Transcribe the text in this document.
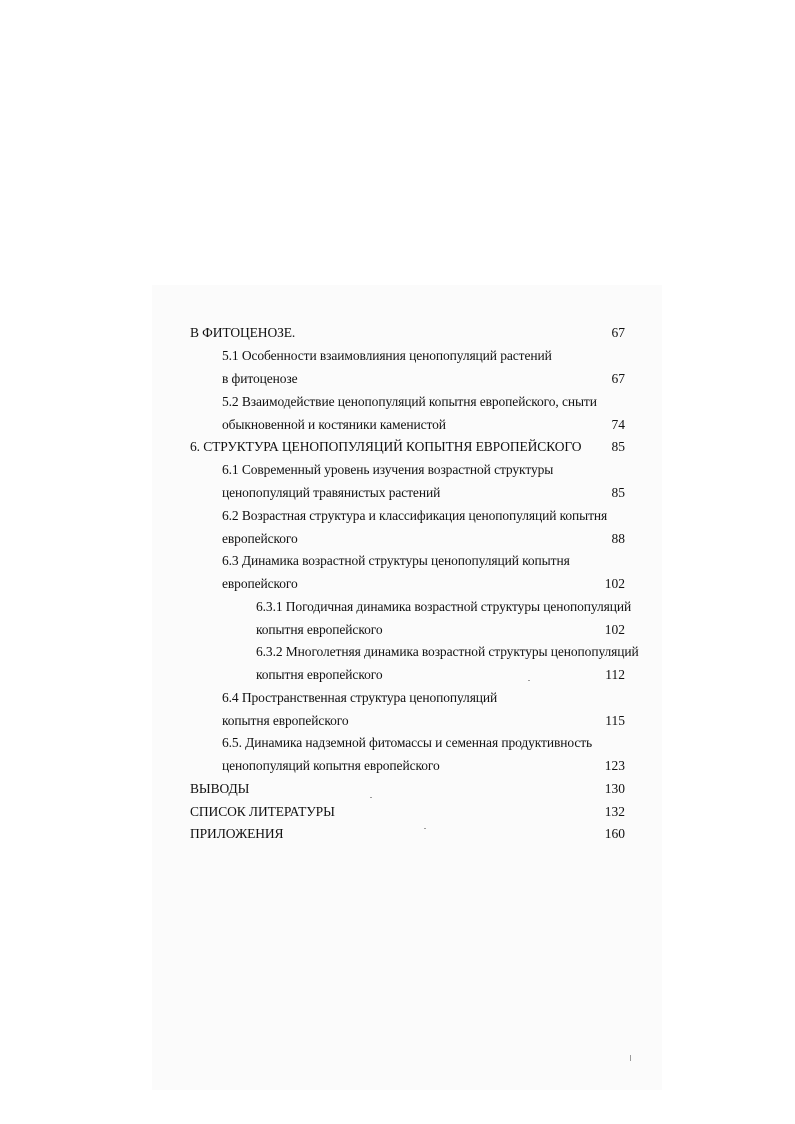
В ФИТОЦЕНОЗЕ.	67
5.1 Особенности взаимовлияния ценопопуляций растений
в фитоценозе	67
5.2 Взаимодействие ценопопуляций копытня европейского, сныти
обыкновенной и костяники каменистой	74
6. СТРУКТУРА ЦЕНОПОПУЛЯЦИЙ КОПЫТНЯ ЕВРОПЕЙСКОГО	85
6.1 Современный уровень изучения возрастной структуры
ценопопуляций травянистых растений	85
6.2 Возрастная структура и классификация ценопопуляций копытня
европейского	88
6.3 Динамика возрастной структуры ценопопуляций копытня
европейского	102
6.3.1 Погодичная динамика возрастной структуры ценопопуляций
копытня европейского	102
6.3.2 Многолетняя динамика возрастной структуры ценопопуляций
копытня европейского	112
6.4 Пространственная структура ценопопуляций
копытня европейского	115
6.5. Динамика надземной фитомассы и семенная продуктивность
ценопопуляций копытня европейского	123
ВЫВОДЫ	130
СПИСОК ЛИТЕРАТУРЫ	132
ПРИЛОЖЕНИЯ	160
